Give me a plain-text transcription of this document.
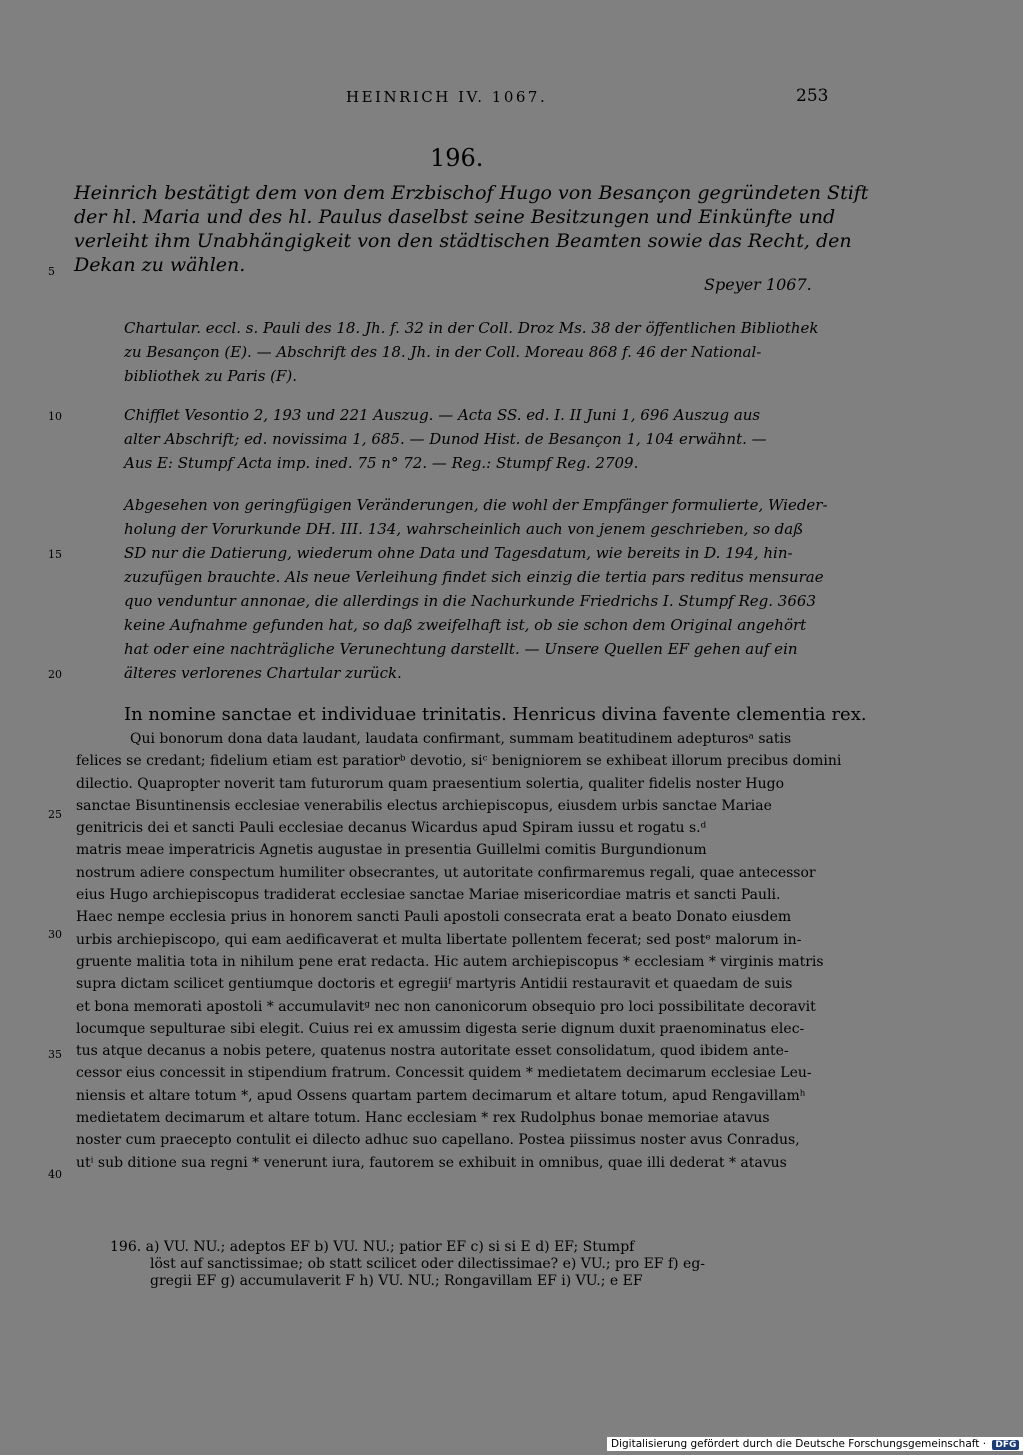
HEINRICH IV. 1067.	253
196.
Heinrich bestätigt dem von dem Erzbischof Hugo von Besançon gegründeten Stift
der hl. Maria und des hl. Paulus daselbst seine Besitzungen und Einkünfte und
verleiht ihm Unabhängigkeit von den städtischen Beamten sowie das Recht, den
Dekan zu wählen.
Speyer 1067.
5
10
15
20
25
30
35
40
Chartular. eccl. s. Pauli des 18. Jh. f. 32 in der Coll. Droz Ms. 38 der öffentlichen Bibliothek
zu Besançon (E). — Abschrift des 18. Jh. in der Coll. Moreau 868 f. 46 der National-
bibliothek zu Paris (F).
Chifflet Vesontio 2, 193 und 221 Auszug. — Acta SS. ed. I. II Juni 1, 696 Auszug aus
alter Abschrift; ed. novissima 1, 685. — Dunod Hist. de Besançon 1, 104 erwähnt. —
Aus E: Stumpf Acta imp. ined. 75 n° 72. — Reg.: Stumpf Reg. 2709.
Abgesehen von geringfügigen Veränderungen, die wohl der Empfänger formulierte, Wieder-
holung der Vorurkunde DH. III. 134, wahrscheinlich auch von jenem geschrieben, so daß
SD nur die Datierung, wiederum ohne Data und Tagesdatum, wie bereits in D. 194, hin-
zuzufügen brauchte. Als neue Verleihung findet sich einzig die tertia pars reditus mensurae
quo venduntur annonae, die allerdings in die Nachurkunde Friedrichs I. Stumpf Reg. 3663
keine Aufnahme gefunden hat, so daß zweifelhaft ist, ob sie schon dem Original angehört
hat oder eine nachträgliche Verunechtung darstellt. — Unsere Quellen EF gehen auf ein
älteres verlorenes Chartular zurück.
In nomine sanctae et individuae trinitatis. Henricus divina favente clementia rex.
Qui bonorum dona data laudant, laudata confirmant, summam beatitudinem adepturosᵃ satis
felices se credant; fidelium etiam est paratiorᵇ devotio, siᶜ benigniorem se exhibeat illorum precibus domini
dilectio. Quapropter noverit tam futurorum quam praesentium solertia, qualiter fidelis noster Hugo
sanctae Bisuntinensis ecclesiae venerabilis electus archiepiscopus, eiusdem urbis sanctae Mariae
genitricis dei et sancti Pauli ecclesiae decanus Wicardus apud Spiram iussu et rogatu s.ᵈ
matris meae imperatricis Agnetis augustae in presentia Guillelmi comitis Burgundionum
nostrum adiere conspectum humiliter obsecrantes, ut autoritate confirmaremus regali, quae antecessor
eius Hugo archiepiscopus tradiderat ecclesiae sanctae Mariae misericordiae matris et sancti Pauli.
Haec nempe ecclesia prius in honorem sancti Pauli apostoli consecrata erat a beato Donato eiusdem
urbis archiepiscopo, qui eam aedificaverat et multa libertate pollentem fecerat; sed postᵉ malorum in-
gruente malitia tota in nihilum pene erat redacta. Hic autem archiepiscopus * ecclesiam * virginis matris
supra dictam scilicet gentiumque doctoris et egregiiᶠ martyris Antidii restauravit et quaedam de suis
et bona memorati apostoli * accumulavitᵍ nec non canonicorum obsequio pro loci possibilitate decoravit
locumque sepulturae sibi elegit. Cuius rei ex amussim digesta serie dignum duxit praenominatus elec-
tus atque decanus a nobis petere, quatenus nostra autoritate esset consolidatum, quod ibidem ante-
cessor eius concessit in stipendium fratrum. Concessit quidem * medietatem decimarum ecclesiae Leu-
niensis et altare totum *, apud Ossens quartam partem decimarum et altare totum, apud Rengavillamʰ
medietatem decimarum et altare totum. Hanc ecclesiam * rex Rudolphus bonae memoriae atavus
noster cum praecepto contulit ei dilecto adhuc suo capellano. Postea piissimus noster avus Conradus,
utⁱ sub ditione sua regni * venerunt iura, fautorem se exhibuit in omnibus, quae illi dederat * atavus
196. a) VU. NU.; adeptos EF b) VU. NU.; patior EF c) si si E d) EF; Stumpf
löst auf sanctissimae; ob statt scilicet oder dilectissimae? e) VU.; pro EF f) eg-
gregii EF g) accumulaverit F h) VU. NU.; Rongavillam EF i) VU.; e EF
Digitalisierung gefördert durch die Deutsche Forschungsgemeinschaft · DFG
